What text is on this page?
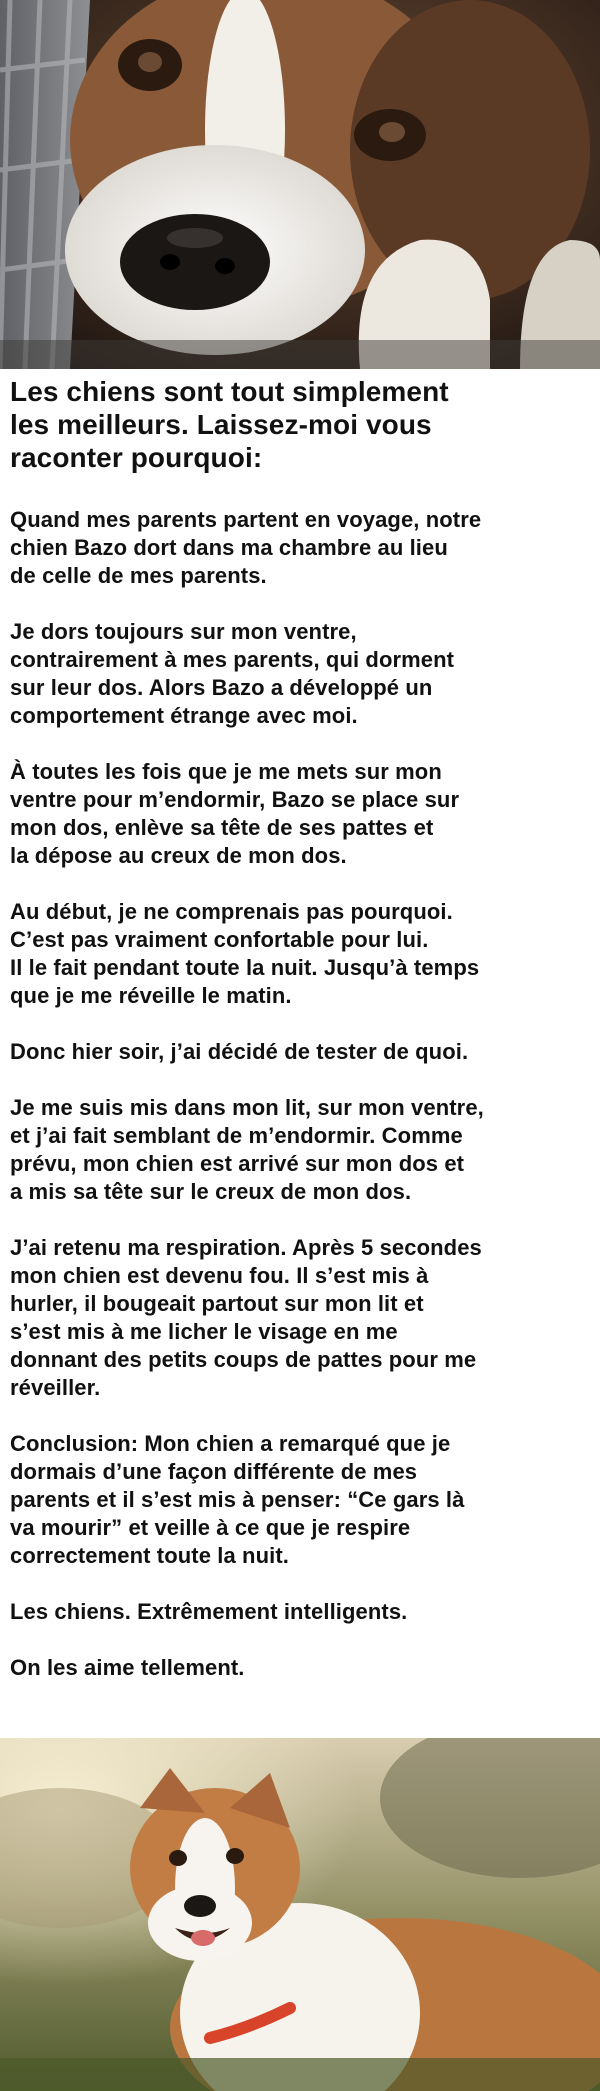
Les chiens sont tout simplement
les meilleurs. Laissez-moi vous
raconter pourquoi:

Quand mes parents partent en voyage, notre
chien Bazo dort dans ma chambre au lieu
de celle de mes parents.

Je dors toujours sur mon ventre,
contrairement à mes parents, qui dorment
sur leur dos. Alors Bazo a développé un
comportement étrange avec moi.

À toutes les fois que je me mets sur mon
ventre pour m’endormir, Bazo se place sur
mon dos, enlève sa tête de ses pattes et
la dépose au creux de mon dos.

Au début, je ne comprenais pas pourquoi.
C’est pas vraiment confortable pour lui.
Il le fait pendant toute la nuit. Jusqu’à temps
que je me réveille le matin.

Donc hier soir, j’ai décidé de tester de quoi.

Je me suis mis dans mon lit, sur mon ventre,
et j’ai fait semblant de m’endormir. Comme
prévu, mon chien est arrivé sur mon dos et
a mis sa tête sur le creux de mon dos.

J’ai retenu ma respiration. Après 5 secondes
mon chien est devenu fou. Il s’est mis à
hurler, il bougeait partout sur mon lit et
s’est mis à me licher le visage en me
donnant des petits coups de pattes pour me
réveiller.

Conclusion: Mon chien a remarqué que je
dormais d’une façon différente de mes
parents et il s’est mis à penser: “Ce gars là
va mourir” et veille à ce que je respire
correctement toute la nuit.

Les chiens. Extrêmement intelligents.

On les aime tellement.
